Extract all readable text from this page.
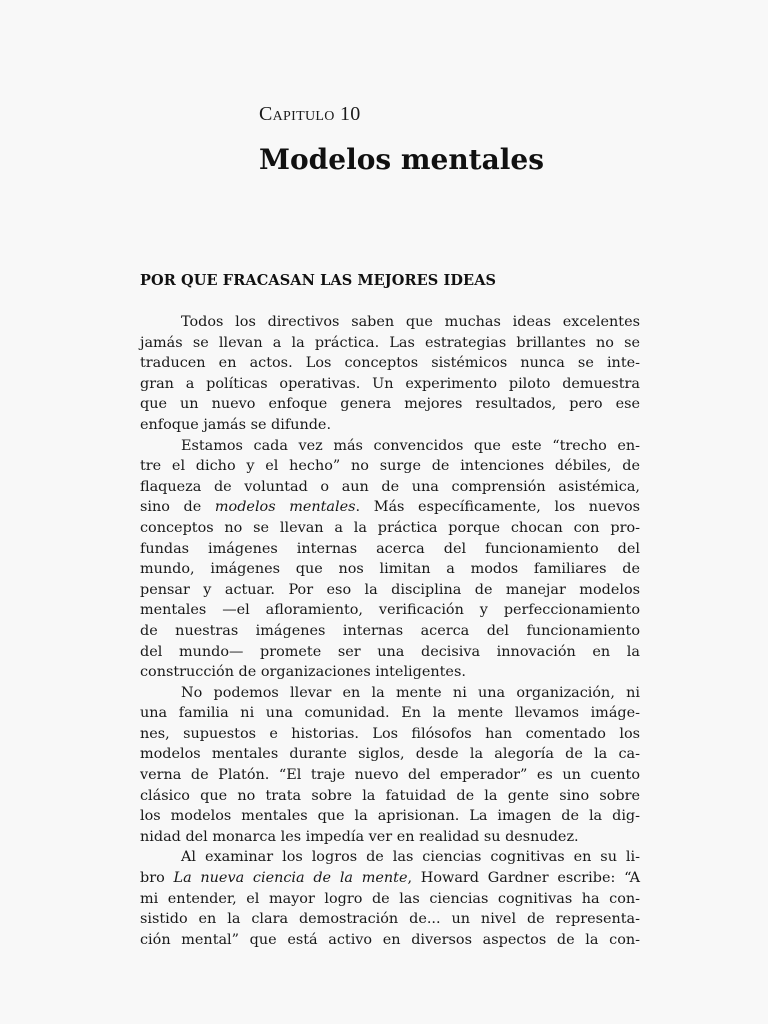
Capitulo 10
Modelos mentales
POR QUE FRACASAN LAS MEJORES IDEAS
Todos los directivos saben que muchas ideas excelentes
jamás se llevan a la práctica. Las estrategias brillantes no se
traducen en actos. Los conceptos sistémicos nunca se inte-
gran a políticas operativas. Un experimento piloto demuestra
que un nuevo enfoque genera mejores resultados, pero ese
enfoque jamás se difunde.
Estamos cada vez más convencidos que este “trecho en-
tre el dicho y el hecho” no surge de intenciones débiles, de
flaqueza de voluntad o aun de una comprensión asistémica,
sino de modelos mentales. Más específicamente, los nuevos
conceptos no se llevan a la práctica porque chocan con pro-
fundas imágenes internas acerca del funcionamiento del
mundo, imágenes que nos limitan a modos familiares de
pensar y actuar. Por eso la disciplina de manejar modelos
mentales —el afloramiento, verificación y perfeccionamiento
de nuestras imágenes internas acerca del funcionamiento
del mundo— promete ser una decisiva innovación en la
construcción de organizaciones inteligentes.
No podemos llevar en la mente ni una organización, ni
una familia ni una comunidad. En la mente llevamos imáge-
nes, supuestos e historias. Los filósofos han comentado los
modelos mentales durante siglos, desde la alegoría de la ca-
verna de Platón. “El traje nuevo del emperador” es un cuento
clásico que no trata sobre la fatuidad de la gente sino sobre
los modelos mentales que la aprisionan. La imagen de la dig-
nidad del monarca les impedía ver en realidad su desnudez.
Al examinar los logros de las ciencias cognitivas en su li-
bro La nueva ciencia de la mente, Howard Gardner escribe: “A
mi entender, el mayor logro de las ciencias cognitivas ha con-
sistido en la clara demostración de... un nivel de representa-
ción mental” que está activo en diversos aspectos de la con-
